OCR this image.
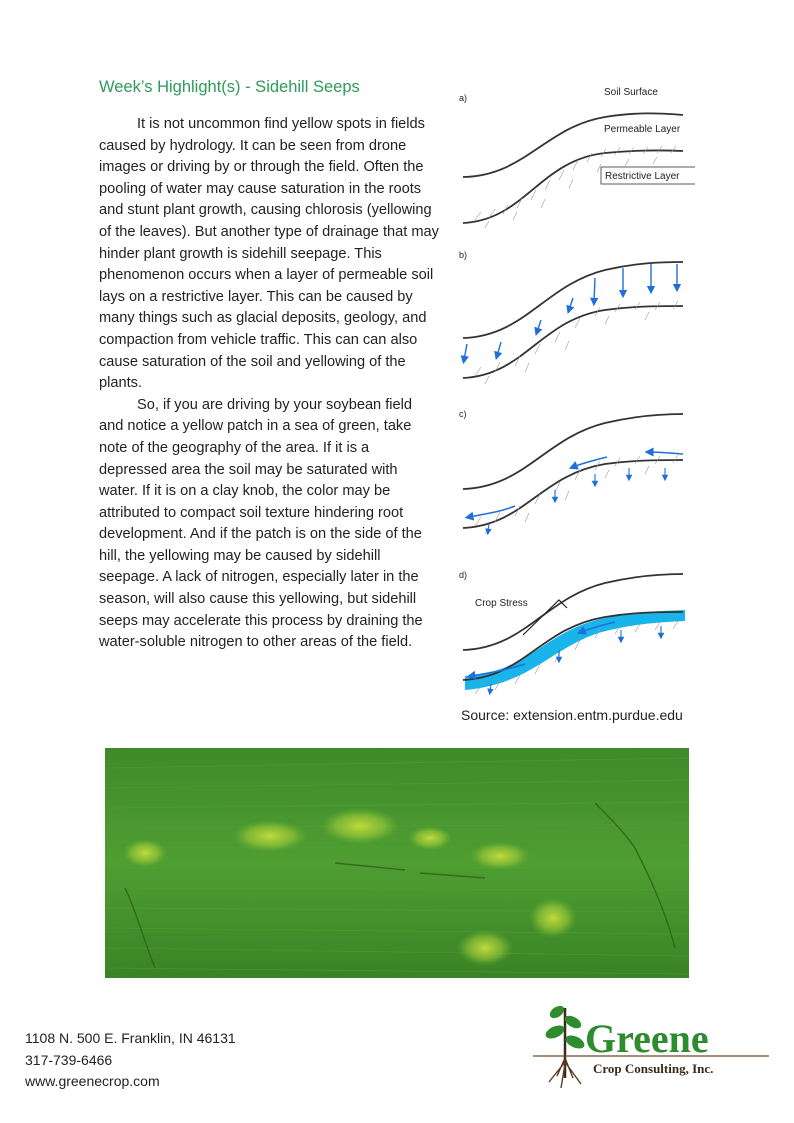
Week’s Highlight(s) - Sidehill Seeps

It is not uncommon find yellow spots in fields caused by hydrology. It can be seen from drone images or driving by or through the field. Often the pooling of water may cause saturation in the roots and stunt plant growth, causing chlorosis (yellowing of the leaves). But another type of drainage that may hinder plant growth is sidehill seepage. This phenomenon occurs when a layer of permeable soil lays on a restrictive layer. This can be caused by many things such as glacial deposits, geology, and compaction from vehicle traffic. This can can also cause saturation of the soil and yellowing of the plants.

So, if you are driving by your soybean field and notice a yellow patch in a sea of green, take note of the geography of the area. If it is a depressed area the soil may be saturated with water. If it is on a clay knob, the color may be attributed to compact soil texture hindering root development. And if the patch is on the side of the hill, the yellowing may be caused by sidehill seepage. A lack of nitrogen, especially later in the season, will also cause this yellowing, but sidehill seeps may accelerate this process by draining the water-soluble nitrogen to other areas of the field.

a)	Soil Surface
Permeable Layer
Restrictive Layer
b)
c)
d)
Crop Stress
Source: extension.entm.purdue.edu
1108 N. 500 E. Franklin, IN 46131
317-739-6466
www.greenecrop.com
Greene
Crop Consulting, Inc.
